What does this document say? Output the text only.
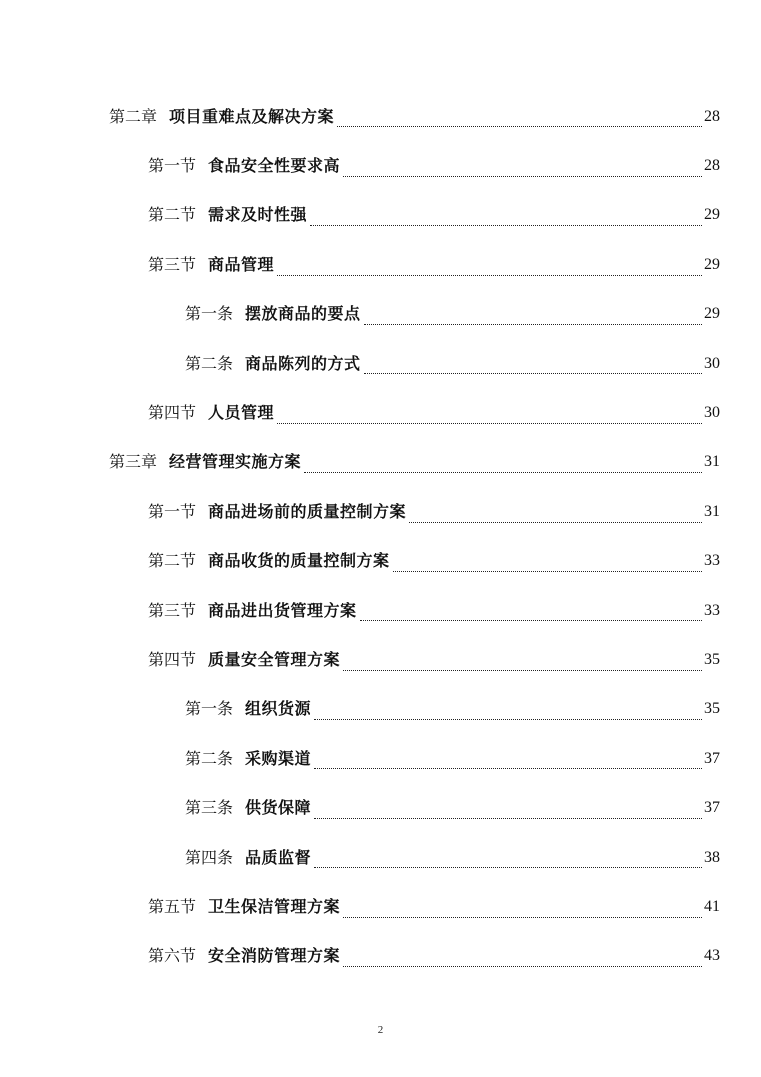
第二章 项目重难点及解决方案	28
第一节 食品安全性要求高	28
第二节 需求及时性强	29
第三节 商品管理	29
第一条 摆放商品的要点	29
第二条 商品陈列的方式	30
第四节 人员管理	30
第三章 经营管理实施方案	31
第一节 商品进场前的质量控制方案	31
第二节 商品收货的质量控制方案	33
第三节 商品进出货管理方案	33
第四节 质量安全管理方案	35
第一条 组织货源	35
第二条 采购渠道	37
第三条 供货保障	37
第四条 品质监督	38
第五节 卫生保洁管理方案	41
第六节 安全消防管理方案	43
2
